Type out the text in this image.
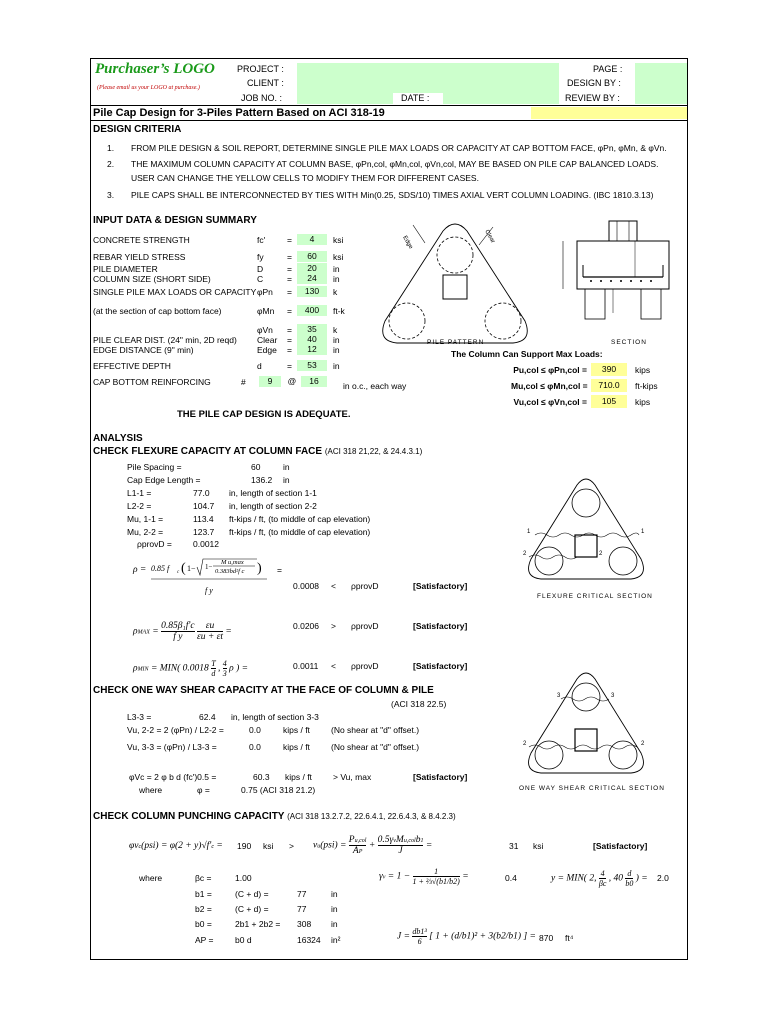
Purchaser’s LOGO
(Please email us your LOGO at purchase.)
PROJECT :
CLIENT :
JOB NO. :	DATE :
PAGE :
DESIGN BY :
REVIEW BY :
Pile Cap Design for 3-Piles Pattern Based on ACI 318-19
DESIGN CRITERIA
1. FROM PILE DESIGN & SOIL REPORT, DETERMINE SINGLE PILE MAX LOADS OR CAPACITY AT CAP BOTTOM FACE, φPn, φMn, & φVn.
2. THE MAXIMUM COLUMN CAPACITY AT COLUMN BASE, φPn,col, φMn,col, φVn,col, MAY BE BASED ON PILE CAP BALANCED LOADS.
USER CAN CHANGE THE YELLOW CELLS TO MODIFY THEM FOR DIFFERENT CASES.
3. PILE CAPS SHALL BE INTERCONNECTED BY TIES WITH Min(0.25, SDS/10) TIMES AXIAL VERT COLUMN LOADING. (IBC 1810.3.13)
INPUT DATA & DESIGN SUMMARY
CONCRETE STRENGTH	fc'	=	4	ksi
REBAR YIELD STRESS	fy	=	60	ksi
PILE DIAMETER	D	=	20	in
COLUMN SIZE (SHORT SIDE)	C	=	24	in
SINGLE PILE MAX LOADS OR CAPACITY φPn =	130	k
(at the section of cap bottom face)	φMn =	400	ft-k
φVn =	35	k
PILE CLEAR DIST. (24" min, 2D reqd) Clear =	40	in
EDGE DISTANCE (9" min)	Edge =	12	in
EFFECTIVE DEPTH	d	=	53	in
CAP BOTTOM REINFORCING	#	9	@	16	in o.c., each way
THE PILE CAP DESIGN IS ADEQUATE.
Edge	Clear
PILE PATTERN	SECTION
The Column Can Support Max Loads:
Pu,col ≤ φPn,col =	390	kips
Mu,col ≤ φMn,col =	710.0	ft-kips
Vu,col ≤ φVn,col =	105	kips
ANALYSIS
CHECK FLEXURE CAPACITY AT COLUMN FACE (ACI 318 21,22, & 24.4.3.1)
Pile Spacing =	60	in
Cap Edge Length =	136.2 in
L1-1 =	77.0 in, length of section 1-1
L2-2 =	104.7 in, length of section 2-2
Mu, 1-1 =	113.4 ft-kips / ft, (to middle of cap elevation)
Mu, 2-2 =	123.7 ft-kips / ft, (to middle of cap elevation)
ρprovD = 0.0012
ρ = 0.85 f	c ( 1− 1−
M u,max
0.383bd²f c )
f y
=
0.0008 < ρprovD	[Satisfactory]
$\rho MAX = \frac{\text{0.85β₁f'c}}{\text{f y}}$
$\frac{\varepsilon u}{\varepsilon u + \varepsilon t}$ =
0.0206 > ρprovD	[Satisfactory]
ρMIN = MIN( $0.0018 \frac{T}{d}$ , $\frac{4}{3}$ ρ ) =	0.0011 < ρprovD	[Satisfactory]
1	1
2	2
FLEXURE CRITICAL SECTION
CHECK ONE WAY SHEAR CAPACITY AT THE FACE OF COLUMN & PILE
(ACI 318 22.5)
L3-3 =	62.4 in, length of section 3-3
Vu, 2-2 = 2 (φPn) / L2-2 =	0.0	kips / ft (No shear at "d" offset.)
Vu, 3-3 = (φPn) / L3-3 =	0.0	kips / ft (No shear at "d" offset.)
φVc = 2 φ b d (fc')0.5 =	60.3 kips / ft > Vu, max	[Satisfactory]
where	φ =	0.75 (ACI 318 21.2)
3	3
2	2
ONE WAY SHEAR CRITICAL SECTION
CHECK COLUMN PUNCHING CAPACITY (ACI 318 13.2.7.2, 22.6.4.1, 22.6.4.3, & 8.4.2.3)
φvc(psi) = φ(2 + y)√f'c = 190 ksi > vu(psi) =
Pu,col
AP
+
0.5γvMu,colb1
J
=	31 ksi	[Satisfactory]
where	βc =	1.00
b1 =	(C + d) =	77	in
b2 =	(C + d) =	77	in
b0 =	2b1 + 2b2 = 308 in
AP =	b0 d	16324 in²
$\gamma v = 1 - \frac{1}{\text{1 + ⅔√(b1/b2)}}$ =	0.4	y = MIN( 2, $\frac{4}{\beta c}$ , $40 \frac{d}{b0}$ ) = 2.0
$J = \frac{\text{db1³}}{6}$ [ 1 + (d/b1)² + 3(b2/b1) ] = 870 ft⁴
